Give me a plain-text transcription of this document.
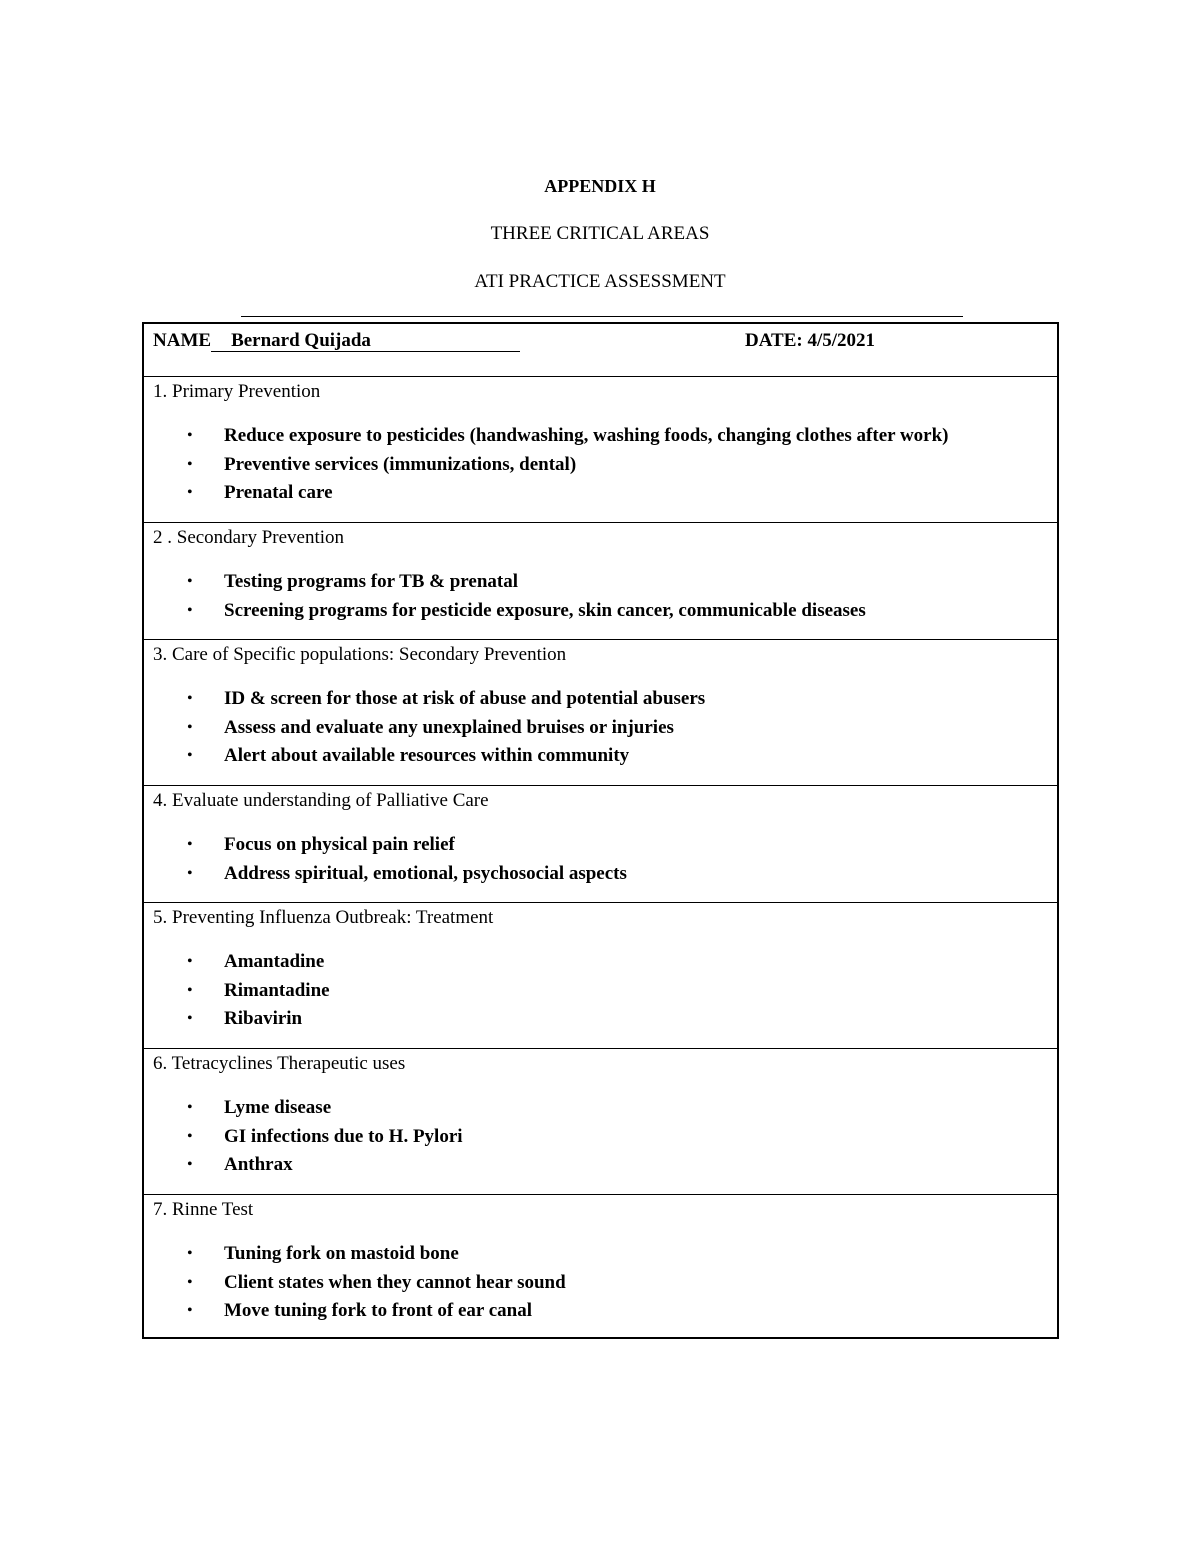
APPENDIX H
THREE CRITICAL AREAS
ATI PRACTICE ASSESSMENT
NAME Bernard Quijada	DATE: 4/5/2021
1. Primary Prevention
• Reduce exposure to pesticides (handwashing, washing foods, changing clothes after work)
• Preventive services (immunizations, dental)
• Prenatal care
2 . Secondary Prevention
• Testing programs for TB & prenatal
• Screening programs for pesticide exposure, skin cancer, communicable diseases
3. Care of Specific populations: Secondary Prevention
• ID & screen for those at risk of abuse and potential abusers
• Assess and evaluate any unexplained bruises or injuries
• Alert about available resources within community
4. Evaluate understanding of Palliative Care
• Focus on physical pain relief
• Address spiritual, emotional, psychosocial aspects
5. Preventing Influenza Outbreak: Treatment
• Amantadine
• Rimantadine
• Ribavirin
6. Tetracyclines Therapeutic uses
• Lyme disease
• GI infections due to H. Pylori
• Anthrax
7. Rinne Test
• Tuning fork on mastoid bone
• Client states when they cannot hear sound
• Move tuning fork to front of ear canal
